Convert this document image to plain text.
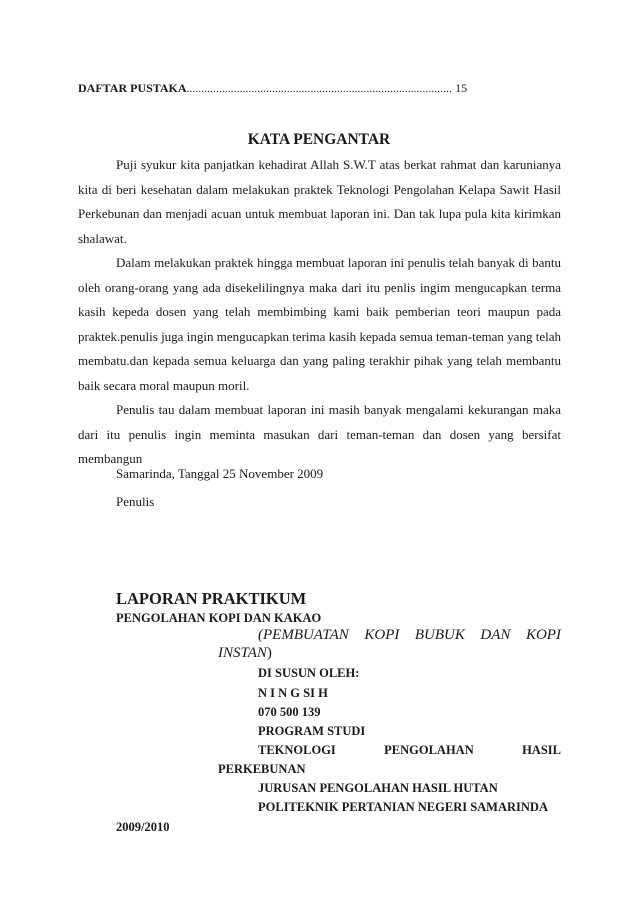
DAFTAR PUSTAKA.......................................................................................... 15
KATA PENGANTAR

Puji syukur kita panjatkan kehadirat Allah S.W.T atas berkat rahmat dan karunianya
kita di beri kesehatan dalam melakukan praktek Teknologi Pengolahan Kelapa Sawit Hasil
Perkebunan dan menjadi acuan untuk membuat laporan ini. Dan tak lupa pula kita kirimkan
shalawat.

Dalam melakukan praktek hingga membuat laporan ini penulis telah banyak di bantu
oleh orang-orang yang ada disekelilingnya maka dari itu penlis ingim mengucapkan terma
kasih kepeda dosen yang telah membimbing kami baik pemberian teori maupun pada
praktek.penulis juga ingin mengucapkan terima kasih kepada semua teman-teman yang telah
membatu.dan kepada semua keluarga dan yang paling terakhir pihak yang telah membantu
baik secara moral maupun moril.

Penulis tau dalam membuat laporan ini masih banyak mengalami kekurangan maka
dari itu penulis ingin meminta masukan dari teman-teman dan dosen yang bersifat
membangun

Samarinda, Tanggal 25 November 2009
Penulis
LAPORAN PRAKTIKUM
PENGOLAHAN KOPI DAN KAKAO
(PEMBUATAN KOPI BUBUK DAN KOPI
INSTAN)
DI SUSUN OLEH:
N I N G SI H
070 500 139
PROGRAM STUDI
TEKNOLOGI	PENGOLAHAN	HASIL
PERKEBUNAN
JURUSAN PENGOLAHAN HASIL HUTAN
POLITEKNIK PERTANIAN NEGERI SAMARINDA
2009/2010
